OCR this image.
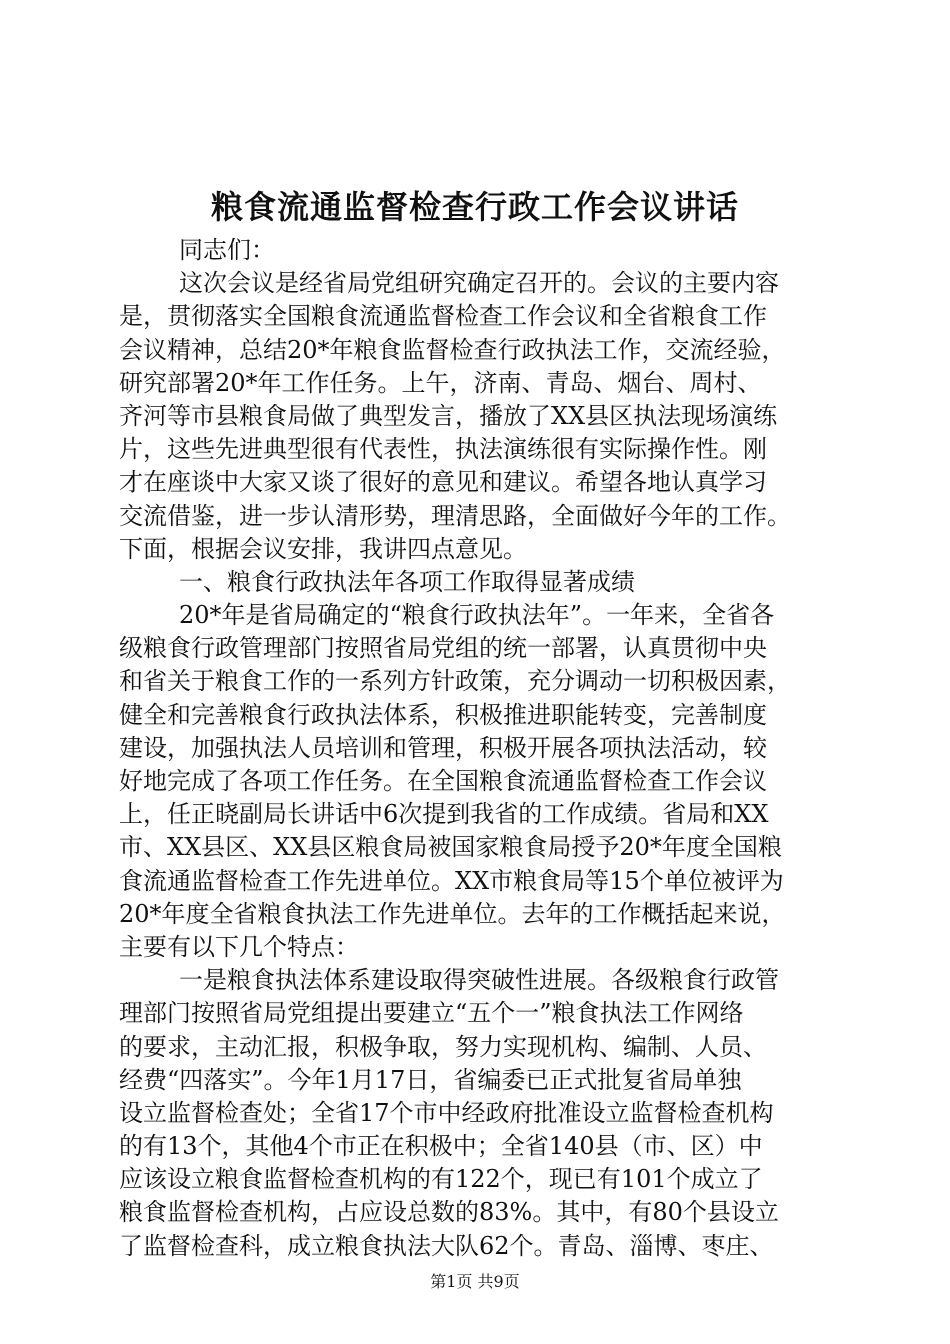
粮食流通监督检查行政工作会议讲话
同志们：
这次会议是经省局党组研究确定召开的。会议的主要内容
是，贯彻落实全国粮食流通监督检查工作会议和全省粮食工作
会议精神，总结20*年粮食监督检查行政执法工作，交流经验，
研究部署20*年工作任务。上午，济南、青岛、烟台、周村、
齐河等市县粮食局做了典型发言，播放了XX县区执法现场演练
片，这些先进典型很有代表性，执法演练很有实际操作性。刚
才在座谈中大家又谈了很好的意见和建议。希望各地认真学习
交流借鉴，进一步认清形势，理清思路，全面做好今年的工作。
下面，根据会议安排，我讲四点意见。
一、粮食行政执法年各项工作取得显著成绩
20*年是省局确定的“粮食行政执法年”。一年来，全省各
级粮食行政管理部门按照省局党组的统一部署，认真贯彻中央
和省关于粮食工作的一系列方针政策，充分调动一切积极因素，
健全和完善粮食行政执法体系，积极推进职能转变，完善制度
建设，加强执法人员培训和管理，积极开展各项执法活动，较
好地完成了各项工作任务。在全国粮食流通监督检查工作会议
上，任正晓副局长讲话中6次提到我省的工作成绩。省局和XX
市、XX县区、XX县区粮食局被国家粮食局授予20*年度全国粮
食流通监督检查工作先进单位。XX市粮食局等15个单位被评为
20*年度全省粮食执法工作先进单位。去年的工作概括起来说，
主要有以下几个特点：
一是粮食执法体系建设取得突破性进展。各级粮食行政管
理部门按照省局党组提出要建立“五个一”粮食执法工作网络
的要求，主动汇报，积极争取，努力实现机构、编制、人员、
经费“四落实”。今年1月17日，省编委已正式批复省局单独
设立监督检查处；全省17个市中经政府批准设立监督检查机构
的有13个，其他4个市正在积极中；全省140县（市、区）中
应该设立粮食监督检查机构的有122个，现已有101个成立了
粮食监督检查机构，占应设总数的83%。其中，有80个县设立
了监督检查科，成立粮食执法大队62个。青岛、淄博、枣庄、
第1页 共9页
